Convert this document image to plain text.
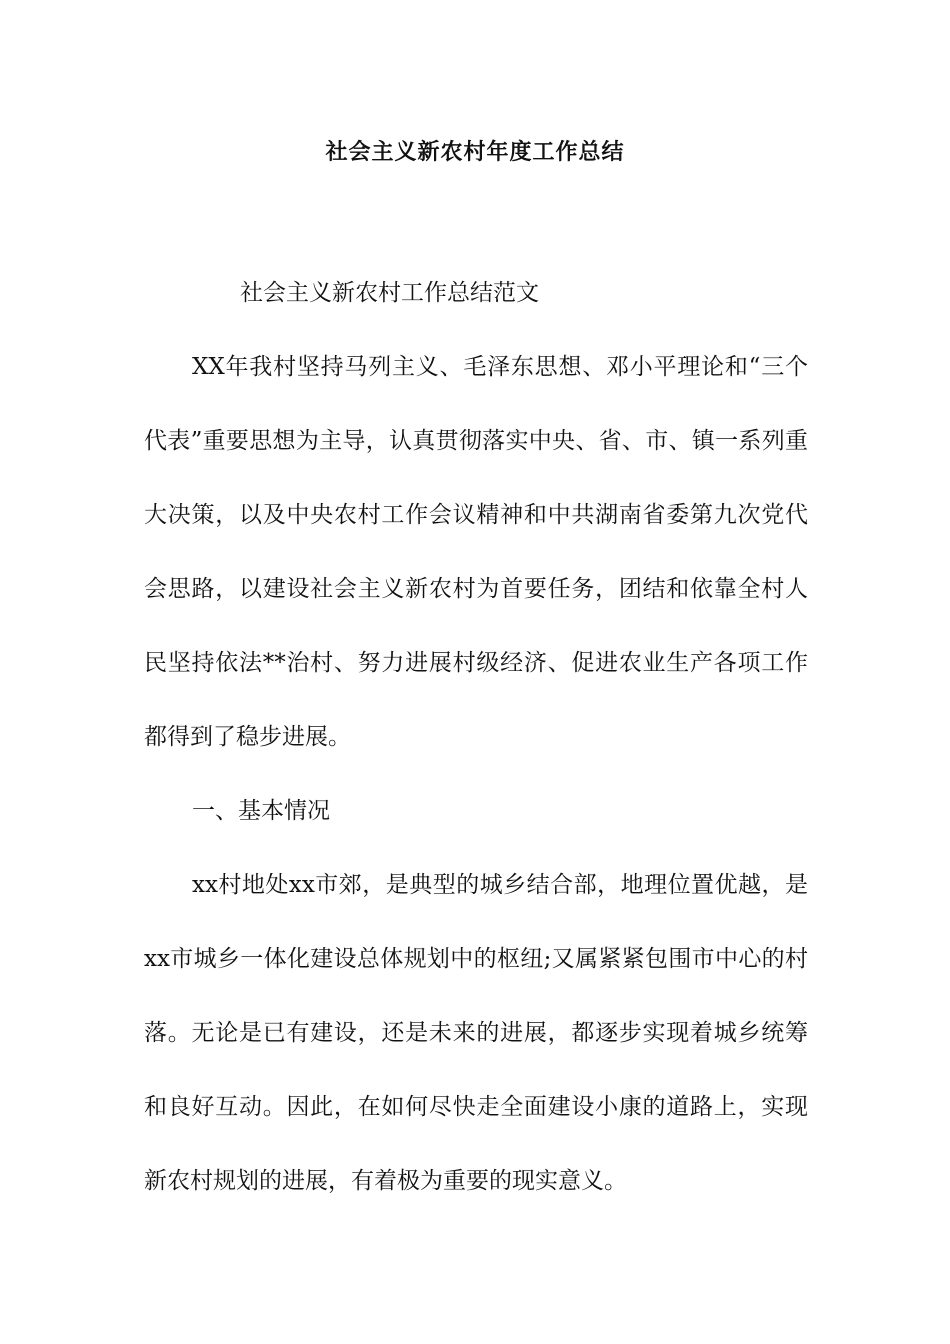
社会主义新农村年度工作总结

社会主义新农村工作总结范文

XX年我村坚持马列主义、毛泽东思想、邓小平理论和“三个代表”重要思想为主导，认真贯彻落实中央、省、市、镇一系列重大决策，以及中央农村工作会议精神和中共湖南省委第九次党代会思路，以建设社会主义新农村为首要任务，团结和依靠全村人民坚持依法**治村、努力进展村级经济、促进农业生产各项工作都得到了稳步进展。

一、基本情况

xx村地处xx市郊，是典型的城乡结合部，地理位置优越，是xx市城乡一体化建设总体规划中的枢纽;又属紧紧包围市中心的村落。无论是已有建设，还是未来的进展，都逐步实现着城乡统筹和良好互动。因此，在如何尽快走全面建设小康的道路上，实现新农村规划的进展，有着极为重要的现实意义。
